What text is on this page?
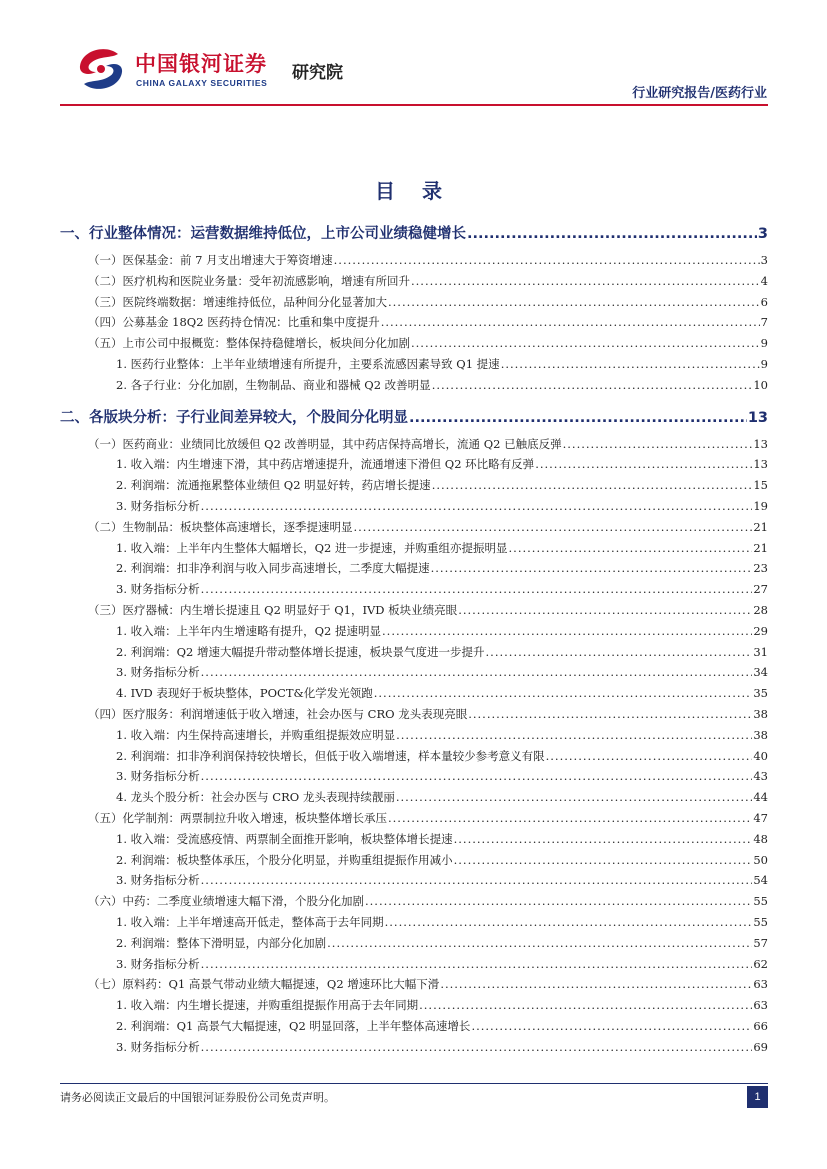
中国银河证券
CHINA GALAXY SECURITIES 研究院
行业研究报告/医药行业
目 录
一、行业整体情况：运营数据维持低位，上市公司业绩稳健增长 .....	3
（一）医保基金：前 7 月支出增速大于筹资增速 .....	3
（二）医疗机构和医院业务量：受年初流感影响，增速有所回升 .....	4
（三）医院终端数据：增速维持低位，品种间分化显著加大 .....	6
（四）公募基金 18Q2 医药持仓情况：比重和集中度提升 .....	7
（五）上市公司中报概览：整体保持稳健增长，板块间分化加剧 .....	9
1. 医药行业整体：上半年业绩增速有所提升，主要系流感因素导致 Q1 提速 .....	9
2. 各子行业：分化加剧，生物制品、商业和器械 Q2 改善明显 .....	10
二、各版块分析：子行业间差异较大，个股间分化明显 .....	13
（一）医药商业：业绩同比放缓但 Q2 改善明显，其中药店保持高增长，流通 Q2 已触底反弹 .....	13
1. 收入端：内生增速下滑，其中药店增速提升，流通增速下滑但 Q2 环比略有反弹 .....	13
2. 利润端：流通拖累整体业绩但 Q2 明显好转，药店增长提速 .....	15
3. 财务指标分析 .....	19
（二）生物制品：板块整体高速增长，逐季提速明显 .....	21
1. 收入端：上半年内生整体大幅增长，Q2 进一步提速，并购重组亦提振明显 .....	21
2. 利润端：扣非净利润与收入同步高速增长，二季度大幅提速 .....	23
3. 财务指标分析 .....	27
（三）医疗器械：内生增长提速且 Q2 明显好于 Q1，IVD 板块业绩亮眼 .....	28
1. 收入端：上半年内生增速略有提升，Q2 提速明显 .....	29
2. 利润端：Q2 增速大幅提升带动整体增长提速，板块景气度进一步提升 .....	31
3. 财务指标分析 .....	34
4. IVD 表现好于板块整体，POCT&化学发光领跑 .....	35
（四）医疗服务：利润增速低于收入增速，社会办医与 CRO 龙头表现亮眼 .....	38
1. 收入端：内生保持高速增长，并购重组提振效应明显 .....	38
2. 利润端：扣非净利润保持较快增长，但低于收入端增速，样本量较少参考意义有限 .....	40
3. 财务指标分析 .....	43
4. 龙头个股分析：社会办医与 CRO 龙头表现持续靓丽 .....	44
（五）化学制剂：两票制拉升收入增速，板块整体增长承压 .....	47
1. 收入端：受流感疫情、两票制全面推开影响，板块整体增长提速 .....	48
2. 利润端：板块整体承压，个股分化明显，并购重组提振作用减小 .....	50
3. 财务指标分析 .....	54
（六）中药：二季度业绩增速大幅下滑，个股分化加剧 .....	55
1. 收入端：上半年增速高开低走，整体高于去年同期 .....	55
2. 利润端：整体下滑明显，内部分化加剧 .....	57
3. 财务指标分析 .....	62
（七）原料药：Q1 高景气带动业绩大幅提速，Q2 增速环比大幅下滑 .....	63
1. 收入端：内生增长提速，并购重组提振作用高于去年同期 .....	63
2. 利润端：Q1 高景气大幅提速，Q2 明显回落，上半年整体高速增长 .....	66
3. 财务指标分析 .....	69
请务必阅读正文最后的中国银河证券股份公司免责声明。	1
